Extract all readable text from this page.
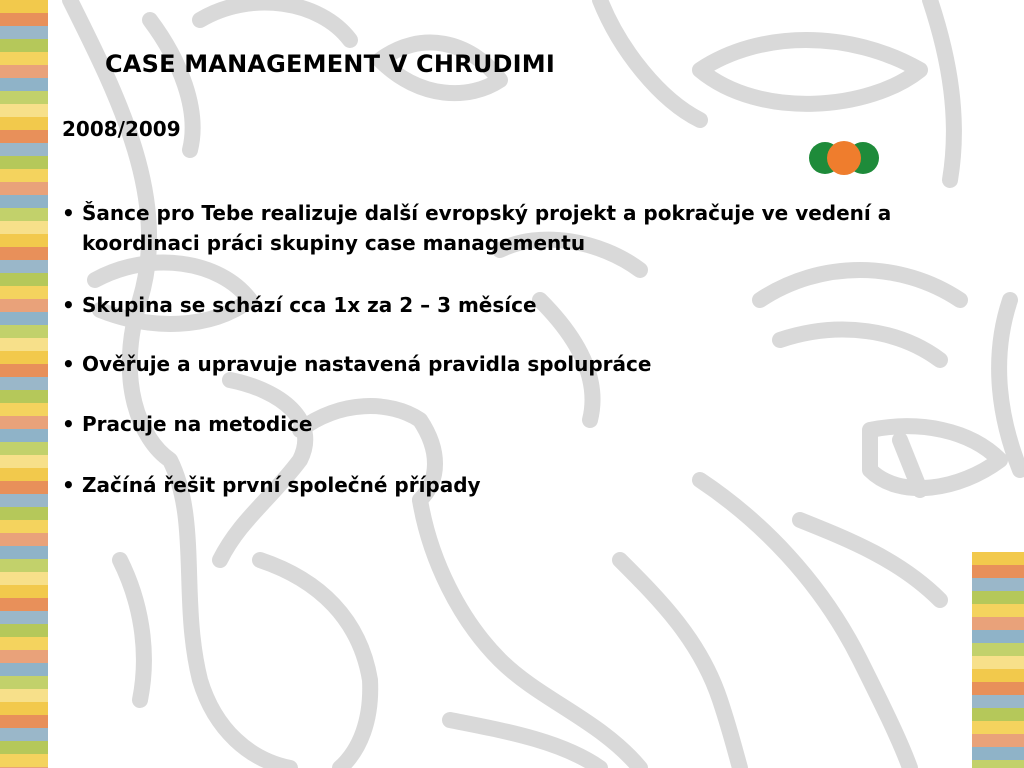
CASE MANAGEMENT V CHRUDIMI
2008/2009
• Šance pro Tebe realizuje další evropský projekt a pokračuje ve vedení a koordinaci práci skupiny case managementu
• Skupina se schází cca 1x za 2 – 3 měsíce
• Ověřuje a upravuje nastavená pravidla spolupráce
• Pracuje na metodice
• Začíná řešit první společné případy
